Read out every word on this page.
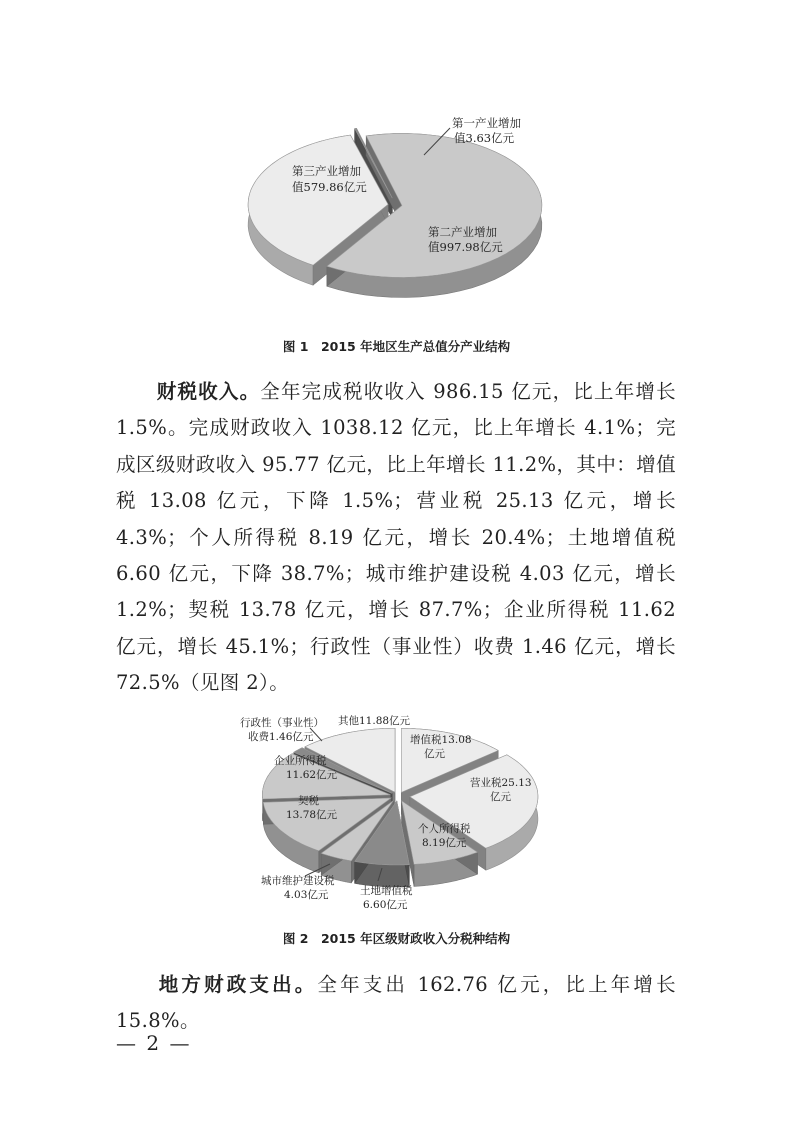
第一产业增加
值3.63亿元
第二产业增加
值997.98亿元
第三产业增加
值579.86亿元
图 1　2015 年地区生产总值分产业结构

财税收入。全年完成税收收入 986.15 亿元，比上年增长 1.5%。完成财政收入 1038.12 亿元，比上年增长 4.1%；完成区级财政收入 95.77 亿元，比上年增长 11.2%，其中：增值税 13.08 亿元，下降 1.5%；营业税 25.13 亿元，增长 4.3%；个人所得税 8.19 亿元，增长 20.4%；土地增值税 6.60 亿元，下降 38.7%；城市维护建设税 4.03 亿元，增长 1.2%；契税 13.78 亿元，增长 87.7%；企业所得税 11.62 亿元，增长 45.1%；行政性（事业性）收费 1.46 亿元，增长 72.5%（见图 2）。

增值税13.08
亿元
营业税25.13
亿元
个人所得税
8.19亿元
土地增值税
6.60亿元
城市维护建设税
4.03亿元
契税
13.78亿元
企业所得税
11.62亿元
行政性（事业性）
收费1.46亿元
其他11.88亿元
图 2　2015 年区级财政收入分税种结构

地方财政支出。全年支出 162.76 亿元，比上年增长 15.8%。

— 2 —
